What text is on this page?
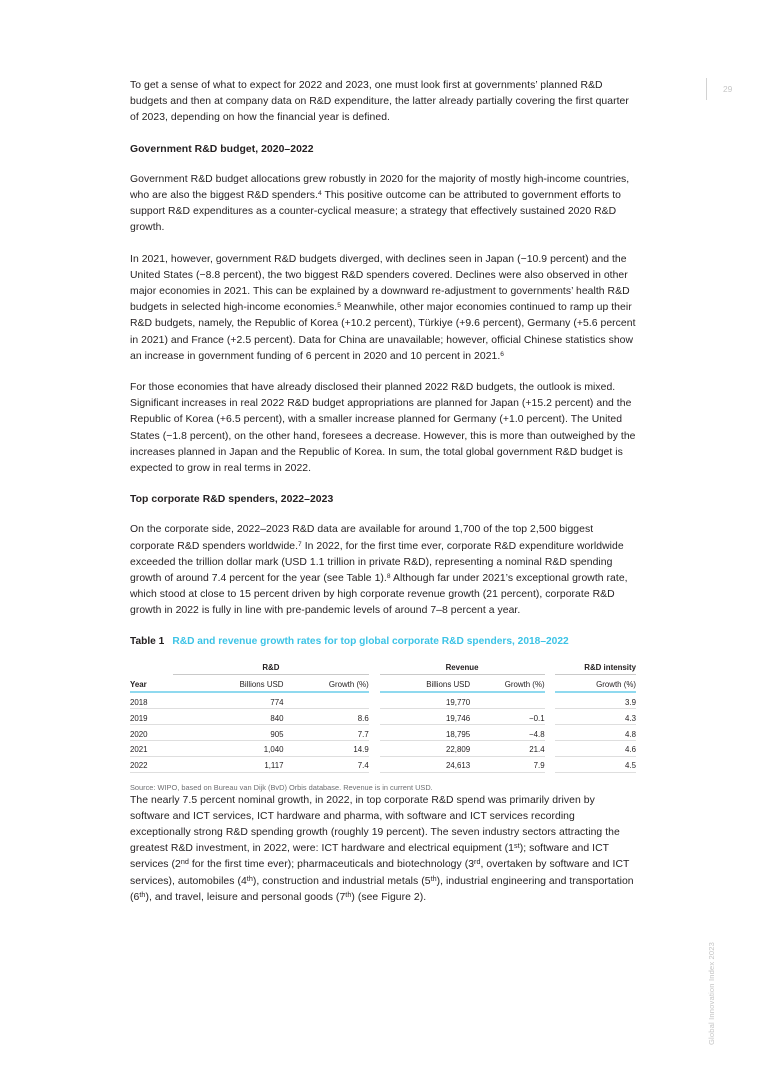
To get a sense of what to expect for 2022 and 2023, one must look first at governments’ planned R&D budgets and then at company data on R&D expenditure, the latter already partially covering the first quarter of 2023, depending on how the financial year is defined.

Government R&D budget, 2020–2022

Government R&D budget allocations grew robustly in 2020 for the majority of mostly high-income countries, who are also the biggest R&D spenders.$^4$ This positive outcome can be attributed to government efforts to support R&D expenditures as a counter-cyclical measure; a strategy that effectively sustained 2020 R&D growth.

In 2021, however, government R&D budgets diverged, with declines seen in Japan (−10.9 percent) and the United States (−8.8 percent), the two biggest R&D spenders covered. Declines were also observed in other major economies in 2021. This can be explained by a downward re-adjustment to governments’ health R&D budgets in selected high-income economies.$^5$ Meanwhile, other major economies continued to ramp up their R&D budgets, namely, the Republic of Korea (+10.2 percent), Türkiye (+9.6 percent), Germany (+5.6 percent in 2021) and France (+2.5 percent). Data for China are unavailable; however, official Chinese statistics show an increase in government funding of 6 percent in 2020 and 10 percent in 2021.$^6$

For those economies that have already disclosed their planned 2022 R&D budgets, the outlook is mixed. Significant increases in real 2022 R&D budget appropriations are planned for Japan (+15.2 percent) and the Republic of Korea (+6.5 percent), with a smaller increase planned for Germany (+1.0 percent). The United States (−1.8 percent), on the other hand, foresees a decrease. However, this is more than outweighed by the increases planned in Japan and the Republic of Korea. In sum, the total global government R&D budget is expected to grow in real terms in 2022.

Top corporate R&D spenders, 2022–2023

On the corporate side, 2022–2023 R&D data are available for around 1,700 of the top 2,500 biggest corporate R&D spenders worldwide.$^7$ In 2022, for the first time ever, corporate R&D expenditure worldwide exceeded the trillion dollar mark (USD 1.1 trillion in private R&D), representing a nominal R&D spending growth of around 7.4 percent for the year (see Table 1).$^8$ Although far under 2021’s exceptional growth rate, which stood at close to 15 percent driven by high corporate revenue growth (21 percent), corporate R&D growth in 2022 is fully in line with pre-pandemic levels of around 7–8 percent a year.

Table 1 R&D and revenue growth rates for top global corporate R&D spenders, 2018–2022
	R&D			Revenue			R&D intensity
Year	Billions USD	Growth (%)		Billions USD	Growth (%)		Growth (%)

2018	774			19,770			3.9
2019	840	8.6		19,746	−0.1		4.3
2020	905	7.7		18,795	−4.8		4.8
2021	1,040	14.9		22,809	21.4		4.6
2022	1,117	7.4		24,613	7.9		4.5
Source: WIPO, based on Bureau van Dijk (BvD) Orbis database. Revenue is in current USD.

The nearly 7.5 percent nominal growth, in 2022, in top corporate R&D spend was primarily driven by software and ICT services, ICT hardware and pharma, with software and ICT services recording exceptionally strong R&D spending growth (roughly 19 percent). The seven industry sectors attracting the greatest R&D investment, in 2022, were: ICT hardware and electrical equipment (1st); software and ICT services (2nd for the first time ever); pharmaceuticals and biotechnology (3rd, overtaken by software and ICT services), automobiles (4th), construction and industrial metals (5th), industrial engineering and transportation (6th), and travel, leisure and personal goods (7th) (see Figure 2).

29
Global Innovation Index 2023
